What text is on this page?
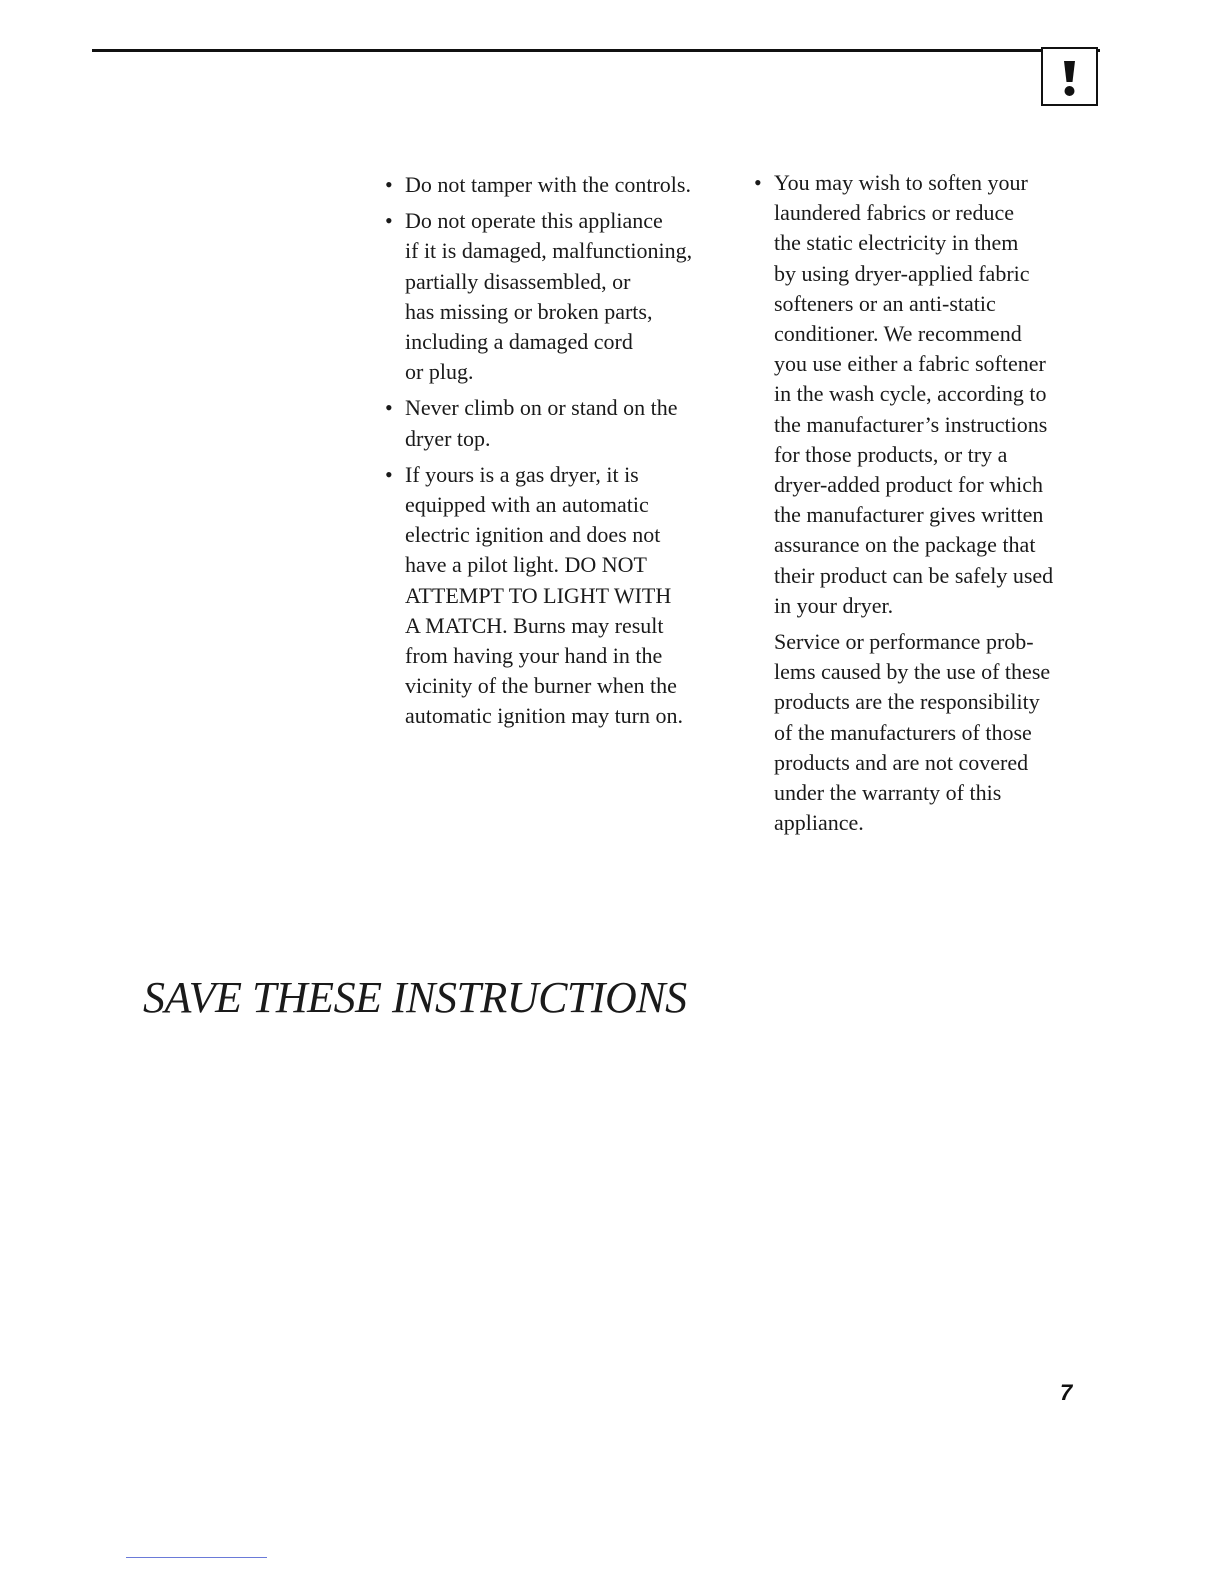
• Do not tamper with the controls.
• Do not operate this appliance
if it is damaged, malfunctioning,
partially disassembled, or
has missing or broken parts,
including a damaged cord
or plug.
• Never climb on or stand on the
dryer top.
• If yours is a gas dryer, it is
equipped with an automatic
electric ignition and does not
have a pilot light. DO NOT
ATTEMPT TO LIGHT WITH
A MATCH. Burns may result
from having your hand in the
vicinity of the burner when the
automatic ignition may turn on.
• You may wish to soften your
laundered fabrics or reduce
the static electricity in them
by using dryer-applied fabric
softeners or an anti-static
conditioner. We recommend
you use either a fabric softener
in the wash cycle, according to
the manufacturer’s instructions
for those products, or try a
dryer-added product for which
the manufacturer gives written
assurance on the package that
their product can be safely used
in your dryer.
Service or performance prob-
lems caused by the use of these
products are the responsibility
of the manufacturers of those
products and are not covered
under the warranty of this
appliance.
SAVE THESE INSTRUCTIONS
7
